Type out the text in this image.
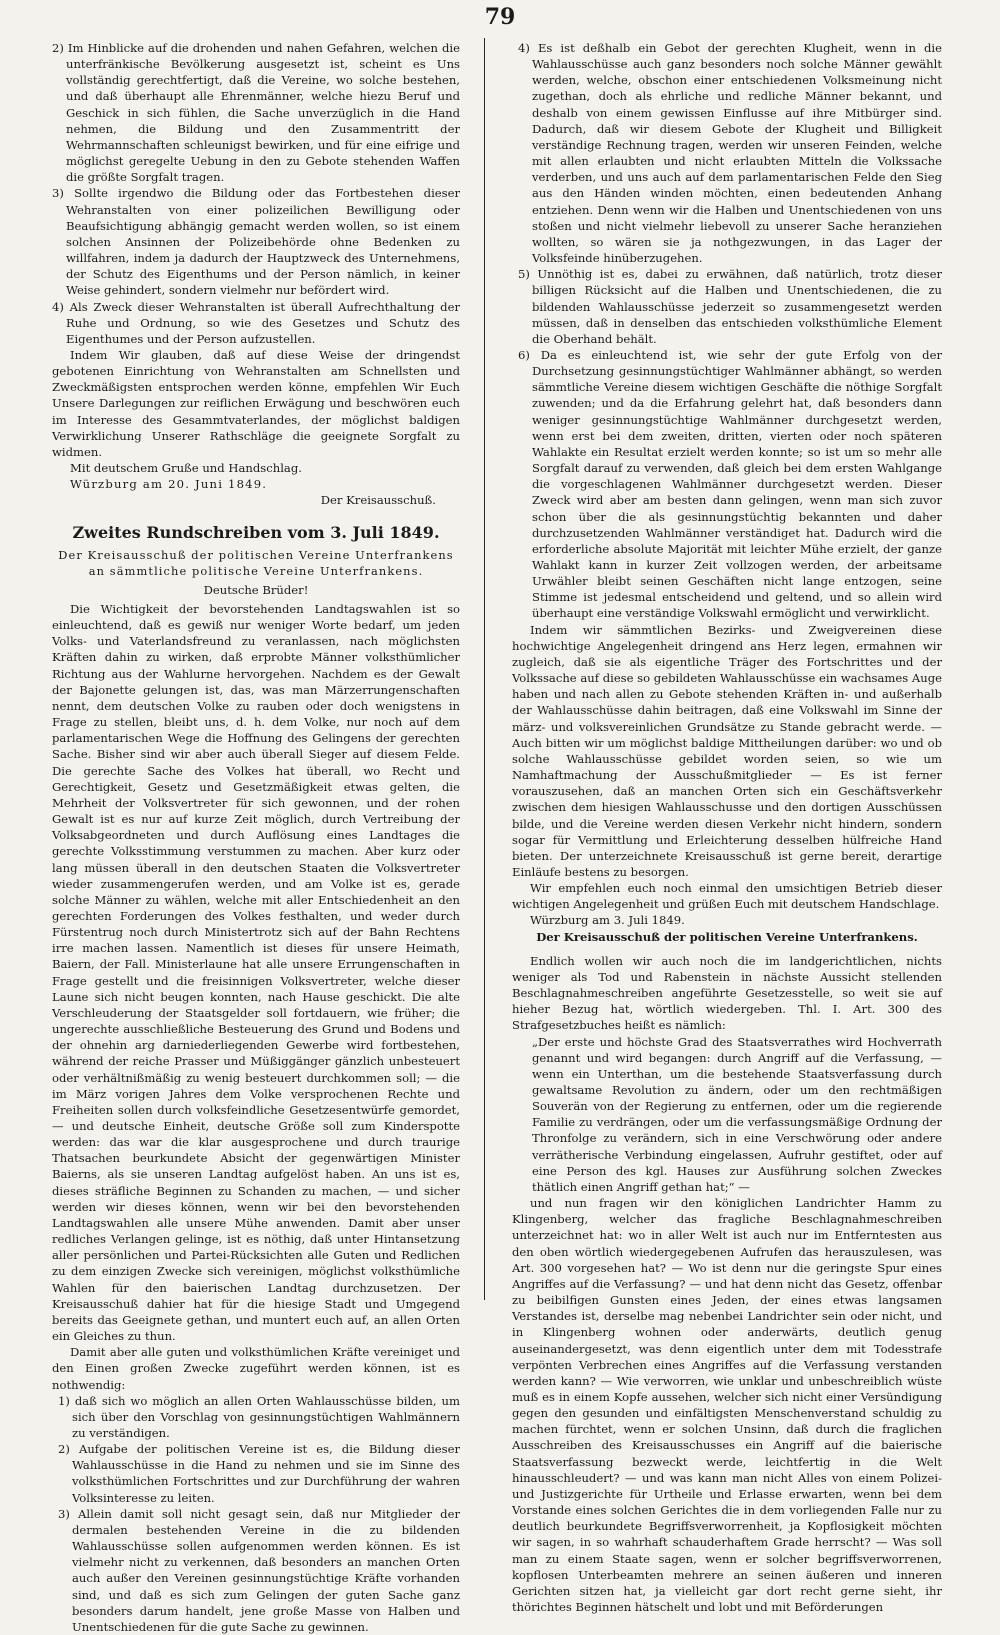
79

2) Im Hinblicke auf die drohenden und nahen Gefahren, welchen die unterfränkische Bevölkerung ausgesetzt ist, scheint es Uns vollständig gerechtfertigt, daß die Vereine, wo solche bestehen, und daß überhaupt alle Ehrenmänner, welche hiezu Beruf und Geschick in sich fühlen, die Sache unverzüglich in die Hand nehmen, die Bildung und den Zusammentritt der Wehrmannschaften schleunigst bewirken, und für eine eifrige und möglichst geregelte Uebung in den zu Gebote stehenden Waffen die größte Sorgfalt tragen.

3) Sollte irgendwo die Bildung oder das Fortbestehen dieser Wehranstalten von einer polizeilichen Bewilligung oder Beaufsichtigung abhängig gemacht werden wollen, so ist einem solchen Ansinnen der Polizeibehörde ohne Bedenken zu willfahren, indem ja dadurch der Hauptzweck des Unternehmens, der Schutz des Eigenthums und der Person nämlich, in keiner Weise gehindert, sondern vielmehr nur befördert wird.

4) Als Zweck dieser Wehranstalten ist überall Aufrechthaltung der Ruhe und Ordnung, so wie des Gesetzes und Schutz des Eigenthumes und der Person aufzustellen.

Indem Wir glauben, daß auf diese Weise der dringendst gebotenen Einrichtung von Wehranstalten am Schnellsten und Zweckmäßigsten entsprochen werden könne, empfehlen Wir Euch Unsere Darlegungen zur reiflichen Erwägung und beschwören euch im Interesse des Gesammtvaterlandes, der möglichst baldigen Verwirklichung Unserer Rathschläge die geeignete Sorgfalt zu widmen.

Mit deutschem Gruße und Handschlag.

Würzburg am 20. Juni 1849.

Der Kreisausschuß.

Zweites Rundschreiben vom 3. Juli 1849.

Der Kreisausschuß der politischen Vereine Unterfrankens an sämmtliche politische Vereine Unterfrankens.

Deutsche Brüder!

Die Wichtigkeit der bevorstehenden Landtagswahlen ist so einleuchtend, daß es gewiß nur weniger Worte bedarf, um jeden Volks- und Vaterlandsfreund zu veranlassen, nach möglichsten Kräften dahin zu wirken, daß erprobte Männer volksthümlicher Richtung aus der Wahlurne hervorgehen. Nachdem es der Gewalt der Bajonette gelungen ist, das, was man Märzerrungenschaften nennt, dem deutschen Volke zu rauben oder doch wenigstens in Frage zu stellen, bleibt uns, d. h. dem Volke, nur noch auf dem parlamentarischen Wege die Hoffnung des Gelingens der gerechten Sache. Bisher sind wir aber auch überall Sieger auf diesem Felde. Die gerechte Sache des Volkes hat überall, wo Recht und Gerechtigkeit, Gesetz und Gesetzmäßigkeit etwas gelten, die Mehrheit der Volksvertreter für sich gewonnen, und der rohen Gewalt ist es nur auf kurze Zeit möglich, durch Vertreibung der Volksabgeordneten und durch Auflösung eines Landtages die gerechte Volksstimmung verstummen zu machen. Aber kurz oder lang müssen überall in den deutschen Staaten die Volksvertreter wieder zusammengerufen werden, und am Volke ist es, gerade solche Männer zu wählen, welche mit aller Entschiedenheit an den gerechten Forderungen des Volkes festhalten, und weder durch Fürstentrug noch durch Ministertrotz sich auf der Bahn Rechtens irre machen lassen. Namentlich ist dieses für unsere Heimath, Baiern, der Fall. Ministerlaune hat alle unsere Errungenschaften in Frage gestellt und die freisinnigen Volksvertreter, welche dieser Laune sich nicht beugen konnten, nach Hause geschickt. Die alte Verschleuderung der Staatsgelder soll fortdauern, wie früher; die ungerechte ausschließliche Besteuerung des Grund und Bodens und der ohnehin arg darniederliegenden Gewerbe wird fortbestehen, während der reiche Prasser und Müßiggänger gänzlich unbesteuert oder verhältnißmäßig zu wenig besteuert durchkommen soll; — die im März vorigen Jahres dem Volke versprochenen Rechte und Freiheiten sollen durch volksfeindliche Gesetzesentwürfe gemordet, — und deutsche Einheit, deutsche Größe soll zum Kinderspotte werden: das war die klar ausgesprochene und durch traurige Thatsachen beurkundete Absicht der gegenwärtigen Minister Baierns, als sie unseren Landtag aufgelöst haben. An uns ist es, dieses sträfliche Beginnen zu Schanden zu machen, — und sicher werden wir dieses können, wenn wir bei den bevorstehenden Landtagswahlen alle unsere Mühe anwenden. Damit aber unser redliches Verlangen gelinge, ist es nöthig, daß unter Hintansetzung aller persönlichen und Partei-Rücksichten alle Guten und Redlichen zu dem einzigen Zwecke sich vereinigen, möglichst volksthümliche Wahlen für den baierischen Landtag durchzusetzen. Der Kreisausschuß dahier hat für die hiesige Stadt und Umgegend bereits das Geeignete gethan, und muntert euch auf, an allen Orten ein Gleiches zu thun.

Damit aber alle guten und volksthümlichen Kräfte vereiniget und den Einen großen Zwecke zugeführt werden können, ist es nothwendig:

1) daß sich wo möglich an allen Orten Wahlausschüsse bilden, um sich über den Vorschlag von gesinnungstüchtigen Wahlmännern zu verständigen.

2) Aufgabe der politischen Vereine ist es, die Bildung dieser Wahlausschüsse in die Hand zu nehmen und sie im Sinne des volksthümlichen Fortschrittes und zur Durchführung der wahren Volksinteresse zu leiten.

3) Allein damit soll nicht gesagt sein, daß nur Mitglieder der dermalen bestehenden Vereine in die zu bildenden Wahlausschüsse sollen aufgenommen werden können. Es ist vielmehr nicht zu verkennen, daß besonders an manchen Orten auch außer den Vereinen gesinnungstüchtige Kräfte vorhanden sind, und daß es sich zum Gelingen der guten Sache ganz besonders darum handelt, jene große Masse von Halben und Unentschiedenen für die gute Sache zu gewinnen.

4) Es ist deßhalb ein Gebot der gerechten Klugheit, wenn in die Wahlausschüsse auch ganz besonders noch solche Männer gewählt werden, welche, obschon einer entschiedenen Volksmeinung nicht zugethan, doch als ehrliche und redliche Männer bekannt, und deshalb von einem gewissen Einflusse auf ihre Mitbürger sind. Dadurch, daß wir diesem Gebote der Klugheit und Billigkeit verständige Rechnung tragen, werden wir unseren Feinden, welche mit allen erlaubten und nicht erlaubten Mitteln die Volkssache verderben, und uns auch auf dem parlamentarischen Felde den Sieg aus den Händen winden möchten, einen bedeutenden Anhang entziehen. Denn wenn wir die Halben und Unentschiedenen von uns stoßen und nicht vielmehr liebevoll zu unserer Sache heranziehen wollten, so wären sie ja nothgezwungen, in das Lager der Volksfeinde hinüberzugehen.

5) Unnöthig ist es, dabei zu erwähnen, daß natürlich, trotz dieser billigen Rücksicht auf die Halben und Unentschiedenen, die zu bildenden Wahlausschüsse jederzeit so zusammengesetzt werden müssen, daß in denselben das entschieden volksthümliche Element die Oberhand behält.

6) Da es einleuchtend ist, wie sehr der gute Erfolg von der Durchsetzung gesinnungstüchtiger Wahlmänner abhängt, so werden sämmtliche Vereine diesem wichtigen Geschäfte die nöthige Sorgfalt zuwenden; und da die Erfahrung gelehrt hat, daß besonders dann weniger gesinnungstüchtige Wahlmänner durchgesetzt werden, wenn erst bei dem zweiten, dritten, vierten oder noch späteren Wahlakte ein Resultat erzielt werden konnte; so ist um so mehr alle Sorgfalt darauf zu verwenden, daß gleich bei dem ersten Wahlgange die vorgeschlagenen Wahlmänner durchgesetzt werden. Dieser Zweck wird aber am besten dann gelingen, wenn man sich zuvor schon über die als gesinnungstüchtig bekannten und daher durchzusetzenden Wahlmänner verständiget hat. Dadurch wird die erforderliche absolute Majorität mit leichter Mühe erzielt, der ganze Wahlakt kann in kurzer Zeit vollzogen werden, der arbeitsame Urwähler bleibt seinen Geschäften nicht lange entzogen, seine Stimme ist jedesmal entscheidend und geltend, und so allein wird überhaupt eine verständige Volkswahl ermöglicht und verwirklicht.

Indem wir sämmtlichen Bezirks- und Zweigvereinen diese hochwichtige Angelegenheit dringend ans Herz legen, ermahnen wir zugleich, daß sie als eigentliche Träger des Fortschrittes und der Volkssache auf diese so gebildeten Wahlausschüsse ein wachsames Auge haben und nach allen zu Gebote stehenden Kräften in- und außerhalb der Wahlausschüsse dahin beitragen, daß eine Volkswahl im Sinne der märz- und volksvereinlichen Grundsätze zu Stande gebracht werde. — Auch bitten wir um möglichst baldige Mittheilungen darüber: wo und ob solche Wahlausschüsse gebildet worden seien, so wie um Namhaftmachung der Ausschußmitglieder — Es ist ferner vorauszusehen, daß an manchen Orten sich ein Geschäftsverkehr zwischen dem hiesigen Wahlausschusse und den dortigen Ausschüssen bilde, und die Vereine werden diesen Verkehr nicht hindern, sondern sogar für Vermittlung und Erleichterung desselben hülfreiche Hand bieten. Der unterzeichnete Kreisausschuß ist gerne bereit, derartige Einläufe bestens zu besorgen.

Wir empfehlen euch noch einmal den umsichtigen Betrieb dieser wichtigen Angelegenheit und grüßen Euch mit deutschem Handschlage.

Würzburg am 3. Juli 1849.

Der Kreisausschuß der politischen Vereine Unterfrankens.

Endlich wollen wir auch noch die im landgerichtlichen, nichts weniger als Tod und Rabenstein in nächste Aussicht stellenden Beschlagnahmeschreiben angeführte Gesetzesstelle, so weit sie auf hieher Bezug hat, wörtlich wiedergeben. Thl. I. Art. 300 des Strafgesetzbuches heißt es nämlich:

„Der erste und höchste Grad des Staatsverrathes wird Hochverrath genannt und wird begangen: durch Angriff auf die Verfassung, — wenn ein Unterthan, um die bestehende Staatsverfassung durch gewaltsame Revolution zu ändern, oder um den rechtmäßigen Souverän von der Regierung zu entfernen, oder um die regierende Familie zu verdrängen, oder um die verfassungsmäßige Ordnung der Thronfolge zu verändern, sich in eine Verschwörung oder andere verrätherische Verbindung eingelassen, Aufruhr gestiftet, oder auf eine Person des kgl. Hauses zur Ausführung solchen Zweckes thätlich einen Angriff gethan hat;“ —

und nun fragen wir den königlichen Landrichter Hamm zu Klingenberg, welcher das fragliche Beschlagnahmeschreiben unterzeichnet hat: wo in aller Welt ist auch nur im Entferntesten aus den oben wörtlich wiedergegebenen Aufrufen das herauszulesen, was Art. 300 vorgesehen hat? — Wo ist denn nur die geringste Spur eines Angriffes auf die Verfassung? — und hat denn nicht das Gesetz, offenbar zu beibilfigen Gunsten eines Jeden, der eines etwas langsamen Verstandes ist, derselbe mag nebenbei Landrichter sein oder nicht, und in Klingenberg wohnen oder anderwärts, deutlich genug auseinandergesetzt, was denn eigentlich unter dem mit Todesstrafe verpönten Verbrechen eines Angriffes auf die Verfassung verstanden werden kann? — Wie verworren, wie unklar und unbeschreiblich wüste muß es in einem Kopfe aussehen, welcher sich nicht einer Versündigung gegen den gesunden und einfältigsten Menschenverstand schuldig zu machen fürchtet, wenn er solchen Unsinn, daß durch die fraglichen Ausschreiben des Kreisausschusses ein Angriff auf die baierische Staatsverfassung bezweckt werde, leichtfertig in die Welt hinausschleudert? — und was kann man nicht Alles von einem Polizei- und Justizgerichte für Urtheile und Erlasse erwarten, wenn bei dem Vorstande eines solchen Gerichtes die in dem vorliegenden Falle nur zu deutlich beurkundete Begriffsverworrenheit, ja Kopflosigkeit möchten wir sagen, in so wahrhaft schauderhaftem Grade herrscht? — Was soll man zu einem Staate sagen, wenn er solcher begriffsverworrenen, kopflosen Unterbeamten mehrere an seinen äußeren und inneren Gerichten sitzen hat, ja vielleicht gar dort recht gerne sieht, ihr thörichtes Beginnen hätschelt und lobt und mit Beförderungen
